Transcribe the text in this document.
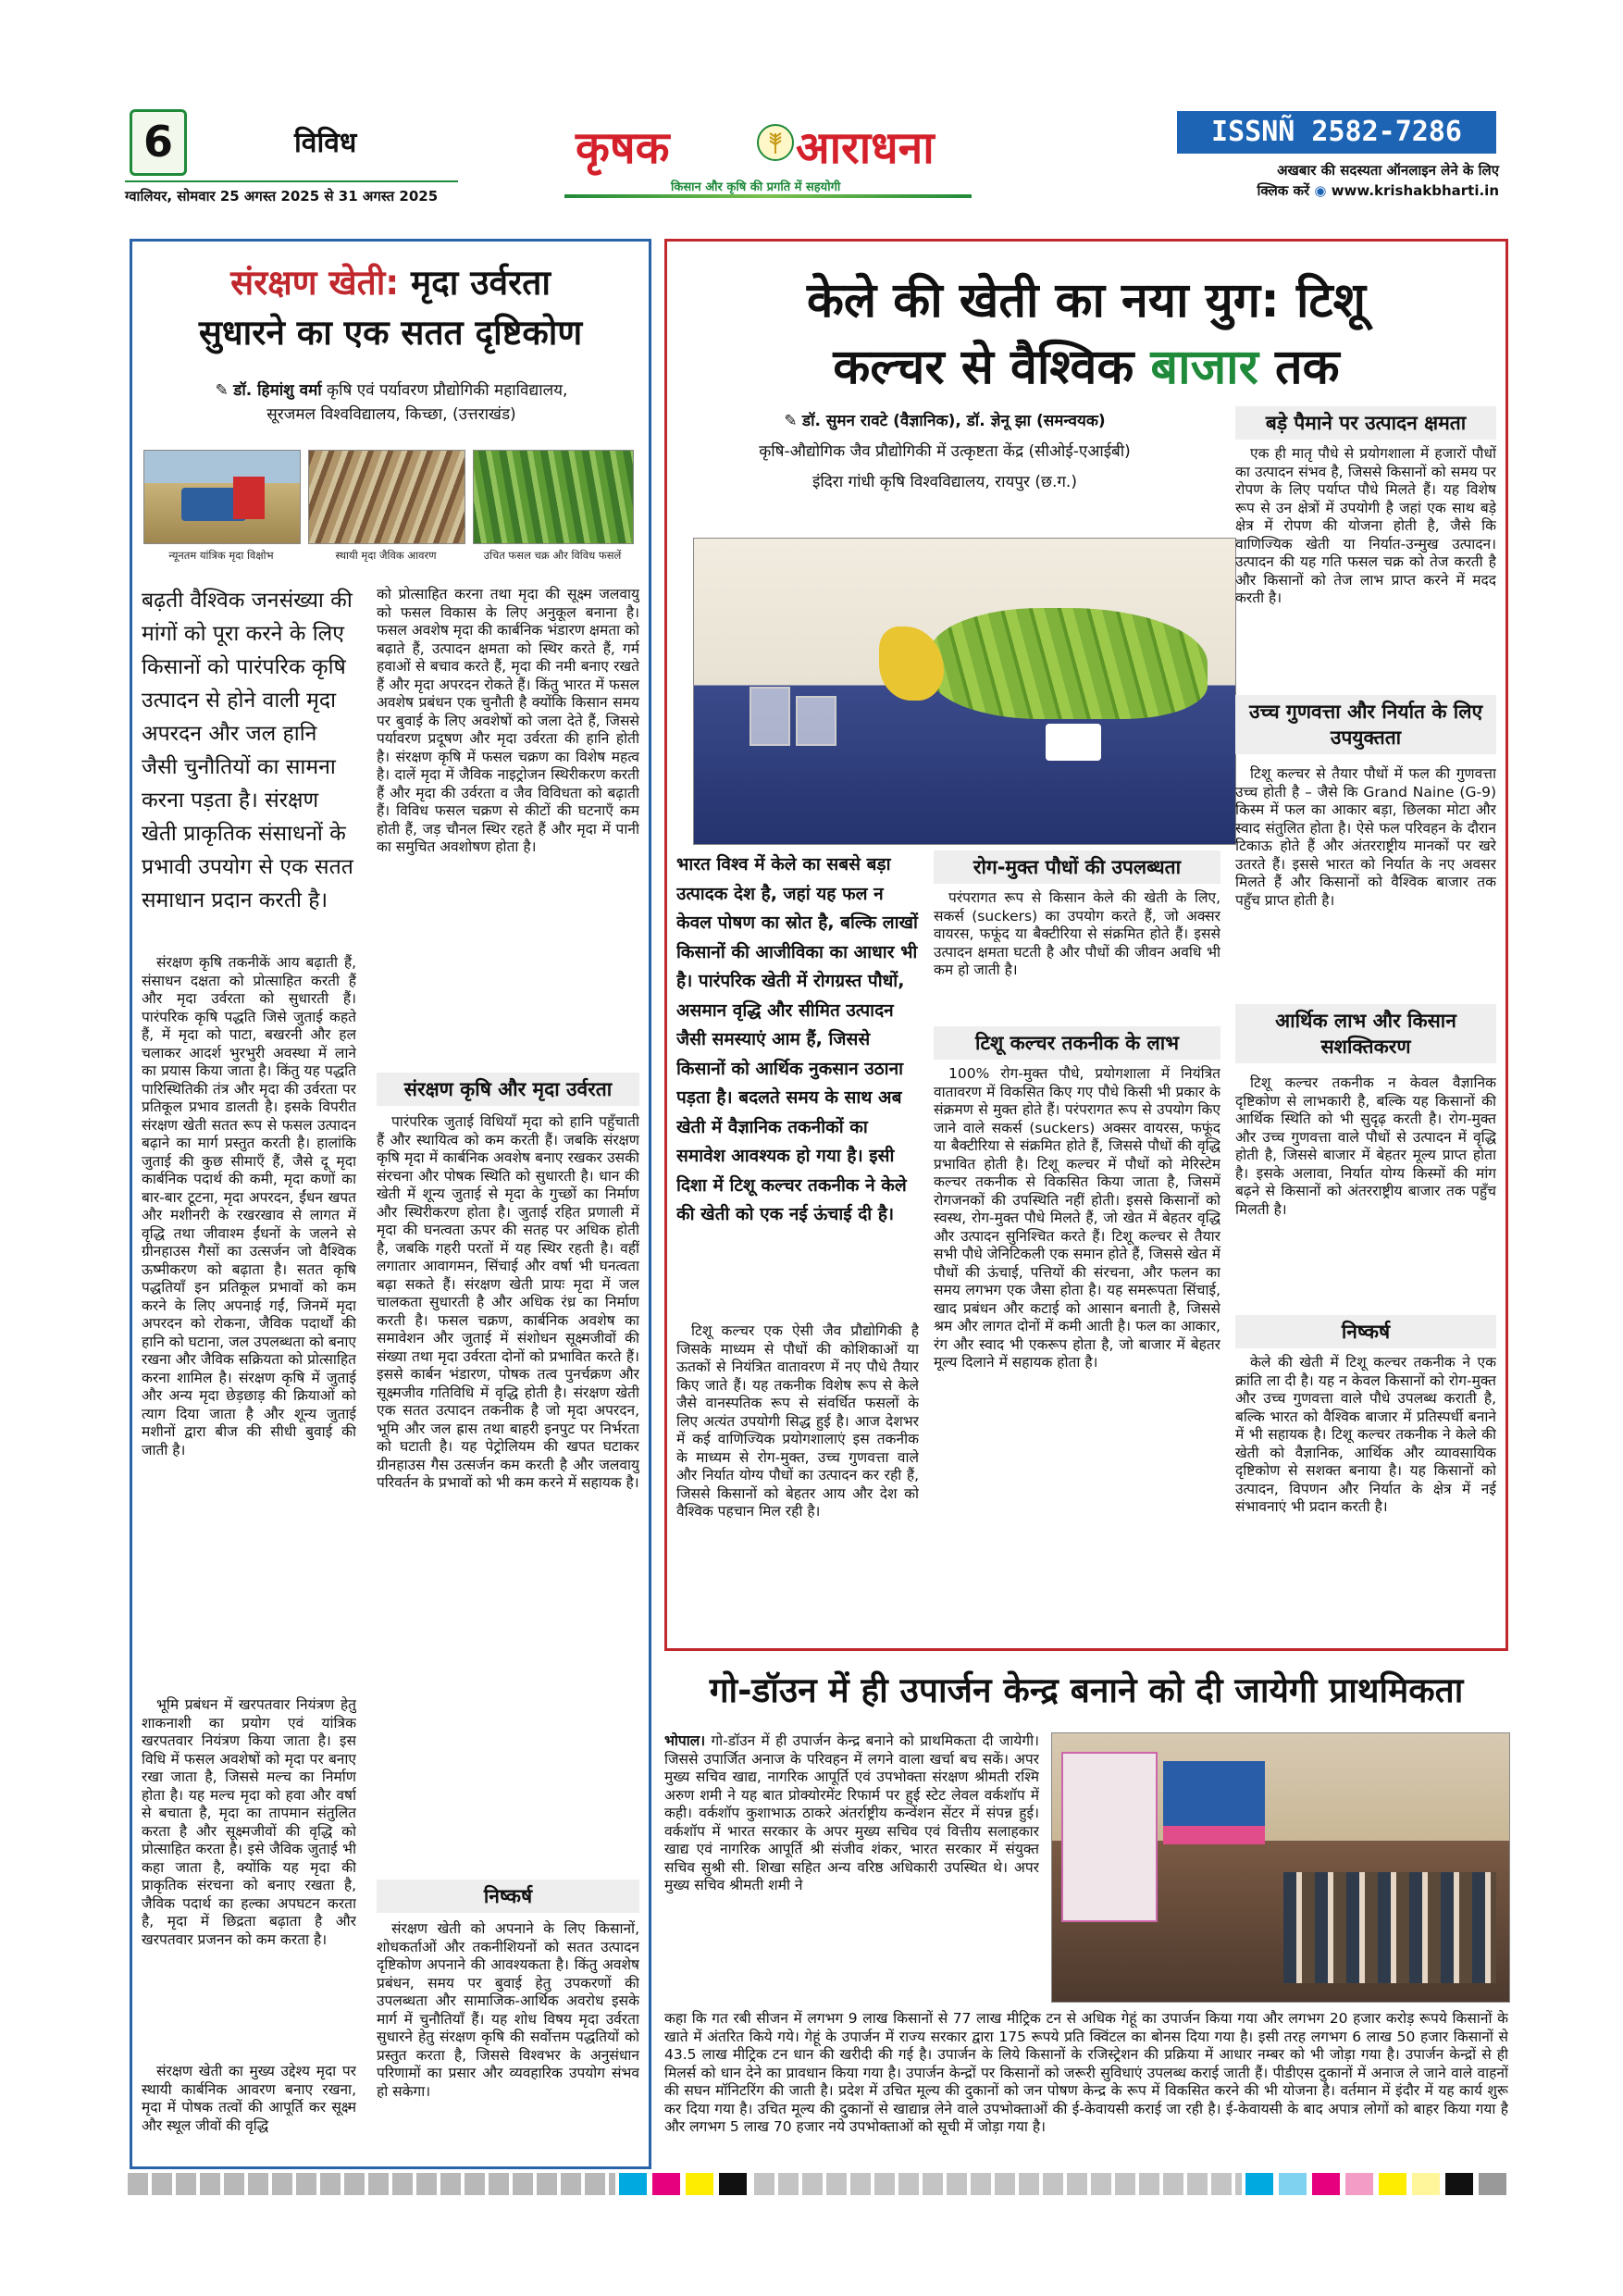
6	विविध
ग्वालियर, सोमवार 25 अगस्त 2025 से 31 अगस्त 2025
कृषक	आराधना
किसान और कृषि की प्रगति में सहयोगी
ISSNÑ 2582-7286
अखबार की सदस्यता ऑनलाइन लेने के लिए
क्लिक करें ◉ www.krishakbharti.in
संरक्षण खेती: मृदा उर्वरता
सुधारने का एक सतत दृष्टिकोण
✎ डॉ. हिमांशु वर्मा कृषि एवं पर्यावरण प्रौद्योगिकी महाविद्यालय,
सूरजमल विश्वविद्यालय, किच्छा, (उत्तराखंड)
न्यूनतम यांत्रिक मृदा विक्षोभ	स्थायी मृदा जैविक आवरण	उचित फसल चक्र और विविध फसलें
बढ़ती वैश्विक जनसंख्या की मांगों को पूरा करने के लिए किसानों को पारंपरिक कृषि उत्पादन से होने वाली मृदा अपरदन और जल हानि जैसी चुनौतियों का सामना करना पड़ता है। संरक्षण खेती प्राकृतिक संसाधनों के प्रभावी उपयोग से एक सतत समाधान प्रदान करती है।
संरक्षण कृषि तकनीकें आय बढ़ाती हैं, संसाधन दक्षता को प्रोत्साहित करती हैं और मृदा उर्वरता को सुधारती हैं। पारंपरिक कृषि पद्धति जिसे जुताई कहते हैं, में मृदा को पाटा, बखरनी और हल चलाकर आदर्श भुरभुरी अवस्था में लाने का प्रयास किया जाता है। किंतु यह पद्धति पारिस्थितिकी तंत्र और मृदा की उर्वरता पर प्रतिकूल प्रभाव डालती है। इसके विपरीत संरक्षण खेती सतत रूप से फसल उत्पादन बढ़ाने का मार्ग प्रस्तुत करती है। हालांकि जुताई की कुछ सीमाएँ हैं, जैसे दू मृदा कार्बनिक पदार्थ की कमी, मृदा कणों का बार-बार टूटना, मृदा अपरदन, ईंधन खपत और मशीनरी के रखरखाव से लागत में वृद्धि तथा जीवाश्म ईंधनों के जलने से ग्रीनहाउस गैसों का उत्सर्जन जो वैश्विक ऊष्मीकरण को बढ़ाता है। सतत कृषि पद्धतियाँ इन प्रतिकूल प्रभावों को कम करने के लिए अपनाई गईं, जिनमें मृदा अपरदन को रोकना, जैविक पदार्थों की हानि को घटाना, जल उपलब्धता को बनाए रखना और जैविक सक्रियता को प्रोत्साहित करना शामिल है। संरक्षण कृषि में जुताई और अन्य मृदा छेड़छाड़ की क्रियाओं को त्याग दिया जाता है और शून्य जुताई मशीनों द्वारा बीज की सीधी बुवाई की जाती है।
भूमि प्रबंधन में खरपतवार नियंत्रण हेतु शाकनाशी का प्रयोग एवं यांत्रिक खरपतवार नियंत्रण किया जाता है। इस विधि में फसल अवशेषों को मृदा पर बनाए रखा जाता है, जिससे मल्च का निर्माण होता है। यह मल्च मृदा को हवा और वर्षा से बचाता है, मृदा का तापमान संतुलित करता है और सूक्ष्मजीवों की वृद्धि को प्रोत्साहित करता है। इसे जैविक जुताई भी कहा जाता है, क्योंकि यह मृदा की प्राकृतिक संरचना को बनाए रखता है, जैविक पदार्थ का हल्का अपघटन करता है, मृदा में छिद्रता बढ़ाता है और खरपतवार प्रजनन को कम करता है।
संरक्षण खेती का मुख्य उद्देश्य मृदा पर स्थायी कार्बनिक आवरण बनाए रखना, मृदा में पोषक तत्वों की आपूर्ति कर सूक्ष्म और स्थूल जीवों की वृद्धि
को प्रोत्साहित करना तथा मृदा की सूक्ष्म जलवायु को फसल विकास के लिए अनुकूल बनाना है। फसल अवशेष मृदा की कार्बनिक भंडारण क्षमता को बढ़ाते हैं, उत्पादन क्षमता को स्थिर करते हैं, गर्म हवाओं से बचाव करते हैं, मृदा की नमी बनाए रखते हैं और मृदा अपरदन रोकते हैं। किंतु भारत में फसल अवशेष प्रबंधन एक चुनौती है क्योंकि किसान समय पर बुवाई के लिए अवशेषों को जला देते हैं, जिससे पर्यावरण प्रदूषण और मृदा उर्वरता की हानि होती है। संरक्षण कृषि में फसल चक्रण का विशेष महत्व है। दालें मृदा में जैविक नाइट्रोजन स्थिरीकरण करती हैं और मृदा की उर्वरता व जैव विविधता को बढ़ाती हैं। विविध फसल चक्रण से कीटों की घटनाएँ कम होती हैं, जड़ चौनल स्थिर रहते हैं और मृदा में पानी का समुचित अवशोषण होता है।
संरक्षण कृषि और मृदा उर्वरता
पारंपरिक जुताई विधियाँ मृदा को हानि पहुँचाती हैं और स्थायित्व को कम करती हैं। जबकि संरक्षण कृषि मृदा में कार्बनिक अवशेष बनाए रखकर उसकी संरचना और पोषक स्थिति को सुधारती है। धान की खेती में शून्य जुताई से मृदा के गुच्छों का निर्माण और स्थिरीकरण होता है। जुताई रहित प्रणाली में मृदा की घनत्वता ऊपर की सतह पर अधिक होती है, जबकि गहरी परतों में यह स्थिर रहती है। वहीं लगातार आवागमन, सिंचाई और वर्षा भी घनत्वता बढ़ा सकते हैं। संरक्षण खेती प्रायः मृदा में जल चालकता सुधारती है और अधिक रंध्र का निर्माण करती है। फसल चक्रण, कार्बनिक अवशेष का समावेशन और जुताई में संशोधन सूक्ष्मजीवों की संख्या तथा मृदा उर्वरता दोनों को प्रभावित करते हैं। इससे कार्बन भंडारण, पोषक तत्व पुनर्चक्रण और सूक्ष्मजीव गतिविधि में वृद्धि होती है। संरक्षण खेती एक सतत उत्पादन तकनीक है जो मृदा अपरदन, भूमि और जल ह्रास तथा बाहरी इनपुट पर निर्भरता को घटाती है। यह पेट्रोलियम की खपत घटाकर ग्रीनहाउस गैस उत्सर्जन कम करती है और जलवायु परिवर्तन के प्रभावों को भी कम करने में सहायक है।
निष्कर्ष
संरक्षण खेती को अपनाने के लिए किसानों, शोधकर्ताओं और तकनीशियनों को सतत उत्पादन दृष्टिकोण अपनाने की आवश्यकता है। किंतु अवशेष प्रबंधन, समय पर बुवाई हेतु उपकरणों की उपलब्धता और सामाजिक-आर्थिक अवरोध इसके मार्ग में चुनौतियाँ हैं। यह शोध विषय मृदा उर्वरता सुधारने हेतु संरक्षण कृषि की सर्वोत्तम पद्धतियों को प्रस्तुत करता है, जिससे विश्वभर के अनुसंधान परिणामों का प्रसार और व्यवहारिक उपयोग संभव हो सकेगा।
केले की खेती का नया युग: टिशू
कल्चर से वैश्विक बाजार तक
✎ डॉ. सुमन रावटे (वैज्ञानिक), डॉ. ज्ञेनू झा (समन्वयक)
कृषि-औद्योगिक जैव प्रौद्योगिकी में उत्कृष्टता केंद्र (सीओई-एआईबी)
इंदिरा गांधी कृषि विश्वविद्यालय, रायपुर (छ.ग.)
भारत विश्व में केले का सबसे बड़ा उत्पादक देश है, जहां यह फल न केवल पोषण का स्रोत है, बल्कि लाखों किसानों की आजीविका का आधार भी है। पारंपरिक खेती में रोगग्रस्त पौधों, असमान वृद्धि और सीमित उत्पादन जैसी समस्याएं आम हैं, जिससे किसानों को आर्थिक नुकसान उठाना पड़ता है। बदलते समय के साथ अब खेती में वैज्ञानिक तकनीकों का समावेश आवश्यक हो गया है। इसी दिशा में टिशू कल्चर तकनीक ने केले की खेती को एक नई ऊंचाई दी है।
टिशू कल्चर एक ऐसी जैव प्रौद्योगिकी है जिसके माध्यम से पौधों की कोशिकाओं या ऊतकों से नियंत्रित वातावरण में नए पौधे तैयार किए जाते हैं। यह तकनीक विशेष रूप से केले जैसे वानस्पतिक रूप से संवर्धित फसलों के लिए अत्यंत उपयोगी सिद्ध हुई है। आज देशभर में कई वाणिज्यिक प्रयोगशालाएं इस तकनीक के माध्यम से रोग-मुक्त, उच्च गुणवत्ता वाले और निर्यात योग्य पौधों का उत्पादन कर रही हैं, जिससे किसानों को बेहतर आय और देश को वैश्विक पहचान मिल रही है।
रोग-मुक्त पौधों की उपलब्धता
परंपरागत रूप से किसान केले की खेती के लिए, सकर्स (suckers) का उपयोग करते हैं, जो अक्सर वायरस, फफूंद या बैक्टीरिया से संक्रमित होते हैं। इससे उत्पादन क्षमता घटती है और पौधों की जीवन अवधि भी कम हो जाती है।
टिशू कल्चर तकनीक के लाभ
100% रोग-मुक्त पौधे, प्रयोगशाला में नियंत्रित वातावरण में विकसित किए गए पौधे किसी भी प्रकार के संक्रमण से मुक्त होते हैं। परंपरागत रूप से उपयोग किए जाने वाले सकर्स (suckers) अक्सर वायरस, फफूंद या बैक्टीरिया से संक्रमित होते हैं, जिससे पौधों की वृद्धि प्रभावित होती है। टिशू कल्चर में पौधों को मेरिस्टेम कल्चर तकनीक से विकसित किया जाता है, जिसमें रोगजनकों की उपस्थिति नहीं होती। इससे किसानों को स्वस्थ, रोग-मुक्त पौधे मिलते हैं, जो खेत में बेहतर वृद्धि और उत्पादन सुनिश्चित करते हैं। टिशू कल्चर से तैयार सभी पौधे जेनिटिकली एक समान होते हैं, जिससे खेत में पौधों की ऊंचाई, पत्तियों की संरचना, और फलन का समय लगभग एक जैसा होता है। यह समरूपता सिंचाई, खाद प्रबंधन और कटाई को आसान बनाती है, जिससे श्रम और लागत दोनों में कमी आती है। फल का आकार, रंग और स्वाद भी एकरूप होता है, जो बाजार में बेहतर मूल्य दिलाने में सहायक होता है।
बड़े पैमाने पर उत्पादन क्षमता
एक ही मातृ पौधे से प्रयोगशाला में हजारों पौधों का उत्पादन संभव है, जिससे किसानों को समय पर रोपण के लिए पर्याप्त पौधे मिलते हैं। यह विशेष रूप से उन क्षेत्रों में उपयोगी है जहां एक साथ बड़े क्षेत्र में रोपण की योजना होती है, जैसे कि वाणिज्यिक खेती या निर्यात-उन्मुख उत्पादन। उत्पादन की यह गति फसल चक्र को तेज करती है और किसानों को तेज लाभ प्राप्त करने में मदद करती है।
उच्च गुणवत्ता और निर्यात के लिए उपयुक्तता
टिशू कल्चर से तैयार पौधों में फल की गुणवत्ता उच्च होती है – जैसे कि Grand Naine (G-9) किस्म में फल का आकार बड़ा, छिलका मोटा और स्वाद संतुलित होता है। ऐसे फल परिवहन के दौरान टिकाऊ होते हैं और अंतरराष्ट्रीय मानकों पर खरे उतरते हैं। इससे भारत को निर्यात के नए अवसर मिलते हैं और किसानों को वैश्विक बाजार तक पहुँच प्राप्त होती है।
आर्थिक लाभ और किसान सशक्तिकरण
टिशू कल्चर तकनीक न केवल वैज्ञानिक दृष्टिकोण से लाभकारी है, बल्कि यह किसानों की आर्थिक स्थिति को भी सुदृढ़ करती है। रोग-मुक्त और उच्च गुणवत्ता वाले पौधों से उत्पादन में वृद्धि होती है, जिससे बाजार में बेहतर मूल्य प्राप्त होता है। इसके अलावा, निर्यात योग्य किस्मों की मांग बढ़ने से किसानों को अंतरराष्ट्रीय बाजार तक पहुँच मिलती है।
निष्कर्ष
केले की खेती में टिशू कल्चर तकनीक ने एक क्रांति ला दी है। यह न केवल किसानों को रोग-मुक्त और उच्च गुणवत्ता वाले पौधे उपलब्ध कराती है, बल्कि भारत को वैश्विक बाजार में प्रतिस्पर्धी बनाने में भी सहायक है। टिशू कल्चर तकनीक ने केले की खेती को वैज्ञानिक, आर्थिक और व्यावसायिक दृष्टिकोण से सशक्त बनाया है। यह किसानों को उत्पादन, विपणन और निर्यात के क्षेत्र में नई संभावनाएं भी प्रदान करती है।
गो-डॉउन में ही उपार्जन केन्द्र बनाने को दी जायेगी प्राथमिकता
भोपाल। गो-डॉउन में ही उपार्जन केन्द्र बनाने को प्राथमिकता दी जायेगी। जिससे उपार्जित अनाज के परिवहन में लगने वाला खर्चा बच सकें। अपर मुख्य सचिव खाद्य, नागरिक आपूर्ति एवं उपभोक्ता संरक्षण श्रीमती रश्मि अरुण शमी ने यह बात प्रोक्योरमेंट रिफार्म पर हुई स्टेट लेवल वर्कशॉप में कही। वर्कशॉप कुशाभाऊ ठाकरे अंतर्राष्ट्रीय कन्वेंशन सेंटर में संपन्न हुई। वर्कशॉप में भारत सरकार के अपर मुख्य सचिव एवं वित्तीय सलाहकार खाद्य एवं नागरिक आपूर्ति श्री संजीव शंकर, भारत सरकार में संयुक्त सचिव सुश्री सी. शिखा सहित अन्य वरिष्ठ अधिकारी उपस्थित थे। अपर मुख्य सचिव श्रीमती शमी ने
कहा कि गत रबी सीजन में लगभग 9 लाख किसानों से 77 लाख मीट्रिक टन से अधिक गेहूं का उपार्जन किया गया और लगभग 20 हजार करोड़ रूपये किसानों के खाते में अंतरित किये गये। गेहूं के उपार्जन में राज्य सरकार द्वारा 175 रूपये प्रति क्विंटल का बोनस दिया गया है। इसी तरह लगभग 6 लाख 50 हजार किसानों से 43.5 लाख मीट्रिक टन धान की खरीदी की गई है। उपार्जन के लिये किसानों के रजिस्ट्रेशन की प्रक्रिया में आधार नम्बर को भी जोड़ा गया है। उपार्जन केन्द्रों से ही मिलर्स को धान देने का प्रावधान किया गया है। उपार्जन केन्द्रों पर किसानों को जरूरी सुविधाएं उपलब्ध कराई जाती हैं। पीडीएस दुकानों में अनाज ले जाने वाले वाहनों की सघन मॉनिटरिंग की जाती है। प्रदेश में उचित मूल्य की दुकानों को जन पोषण केन्द्र के रूप में विकसित करने की भी योजना है। वर्तमान में इंदौर में यह कार्य शुरू कर दिया गया है। उचित मूल्य की दुकानों से खाद्यान्न लेने वाले उपभोक्ताओं की ई-केवायसी कराई जा रही है। ई-केवायसी के बाद अपात्र लोगों को बाहर किया गया है और लगभग 5 लाख 70 हजार नये उपभोक्ताओं को सूची में जोड़ा गया है।
